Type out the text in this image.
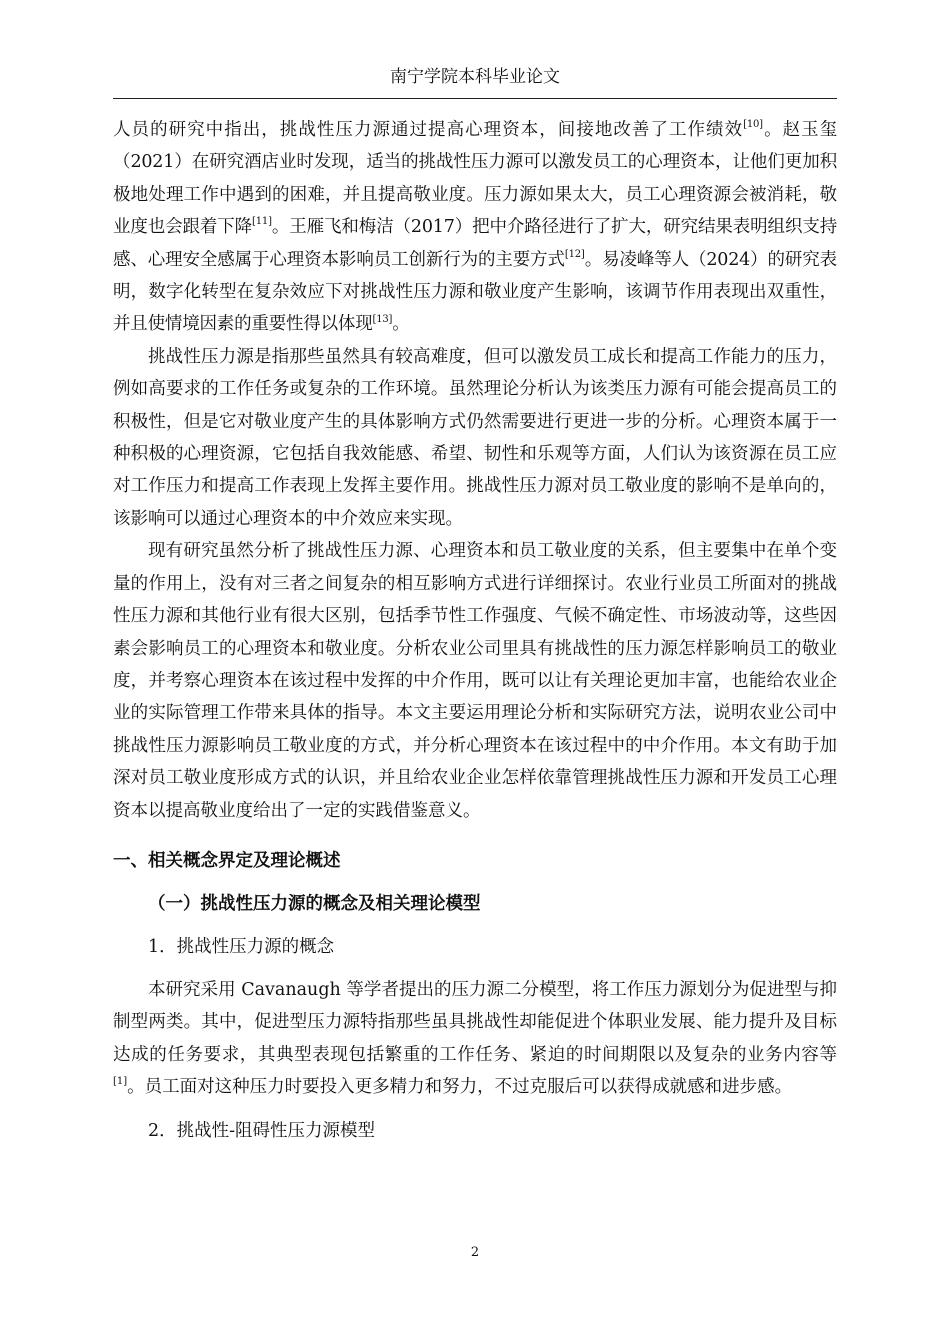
南宁学院本科毕业论文

人员的研究中指出，挑战性压力源通过提高心理资本，间接地改善了工作绩效[10]。赵玉玺（2021）在研究酒店业时发现，适当的挑战性压力源可以激发员工的心理资本，让他们更加积极地处理工作中遇到的困难，并且提高敬业度。压力源如果太大，员工心理资源会被消耗，敬业度也会跟着下降[11]。王雁飞和梅洁（2017）把中介路径进行了扩大，研究结果表明组织支持感、心理安全感属于心理资本影响员工创新行为的主要方式[12]。易凌峰等人（2024）的研究表明，数字化转型在复杂效应下对挑战性压力源和敬业度产生影响，该调节作用表现出双重性，并且使情境因素的重要性得以体现[13]。

挑战性压力源是指那些虽然具有较高难度，但可以激发员工成长和提高工作能力的压力，例如高要求的工作任务或复杂的工作环境。虽然理论分析认为该类压力源有可能会提高员工的积极性，但是它对敬业度产生的具体影响方式仍然需要进行更进一步的分析。心理资本属于一种积极的心理资源，它包括自我效能感、希望、韧性和乐观等方面，人们认为该资源在员工应对工作压力和提高工作表现上发挥主要作用。挑战性压力源对员工敬业度的影响不是单向的，该影响可以通过心理资本的中介效应来实现。

现有研究虽然分析了挑战性压力源、心理资本和员工敬业度的关系，但主要集中在单个变量的作用上，没有对三者之间复杂的相互影响方式进行详细探讨。农业行业员工所面对的挑战性压力源和其他行业有很大区别，包括季节性工作强度、气候不确定性、市场波动等，这些因素会影响员工的心理资本和敬业度。分析农业公司里具有挑战性的压力源怎样影响员工的敬业度，并考察心理资本在该过程中发挥的中介作用，既可以让有关理论更加丰富，也能给农业企业的实际管理工作带来具体的指导。本文主要运用理论分析和实际研究方法，说明农业公司中挑战性压力源影响员工敬业度的方式，并分析心理资本在该过程中的中介作用。本文有助于加深对员工敬业度形成方式的认识，并且给农业企业怎样依靠管理挑战性压力源和开发员工心理资本以提高敬业度给出了一定的实践借鉴意义。

一、相关概念界定及理论概述
（一）挑战性压力源的概念及相关理论模型
1．挑战性压力源的概念

本研究采用 Cavanaugh 等学者提出的压力源二分模型，将工作压力源划分为促进型与抑制型两类。其中，促进型压力源特指那些虽具挑战性却能促进个体职业发展、能力提升及目标达成的任务要求，其典型表现包括繁重的工作任务、紧迫的时间期限以及复杂的业务内容等[1]。员工面对这种压力时要投入更多精力和努力，不过克服后可以获得成就感和进步感。

2．挑战性-阻碍性压力源模型
2
